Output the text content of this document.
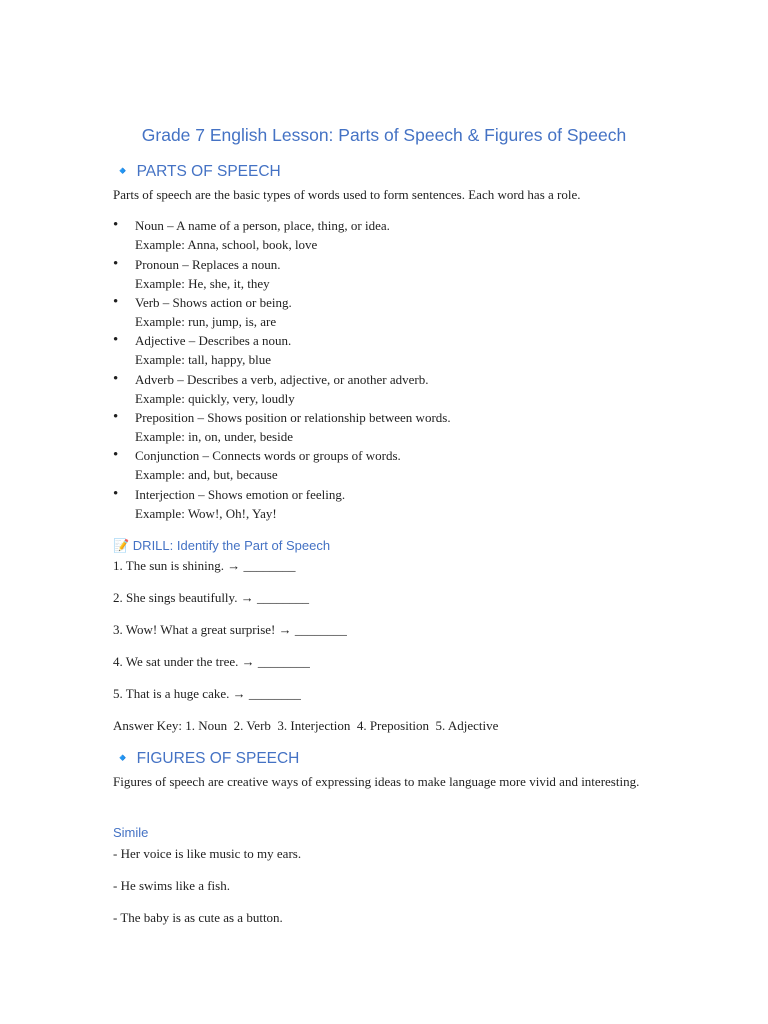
Grade 7 English Lesson: Parts of Speech & Figures of Speech
🔹 PARTS OF SPEECH
Parts of speech are the basic types of words used to form sentences. Each word has a role.
•	Noun – A name of a person, place, thing, or idea.
Example: Anna, school, book, love
•	Pronoun – Replaces a noun.
Example: He, she, it, they
•	Verb – Shows action or being.
Example: run, jump, is, are
•	Adjective – Describes a noun.
Example: tall, happy, blue
•	Adverb – Describes a verb, adjective, or another adverb.
Example: quickly, very, loudly
•	Preposition – Shows position or relationship between words.
Example: in, on, under, beside
•	Conjunction – Connects words or groups of words.
Example: and, but, because
•	Interjection – Shows emotion or feeling.
Example: Wow!, Oh!, Yay!
📝 DRILL: Identify the Part of Speech
1. The sun is shining. → ________
2. She sings beautifully. → ________
3. Wow! What a great surprise! → ________
4. We sat under the tree. → ________
5. That is a huge cake. → ________
Answer Key: 1. Noun  2. Verb  3. Interjection  4. Preposition  5. Adjective
🔹 FIGURES OF SPEECH
Figures of speech are creative ways of expressing ideas to make language more vivid and interesting.
Simile
- Her voice is like music to my ears.
- He swims like a fish.
- The baby is as cute as a button.
